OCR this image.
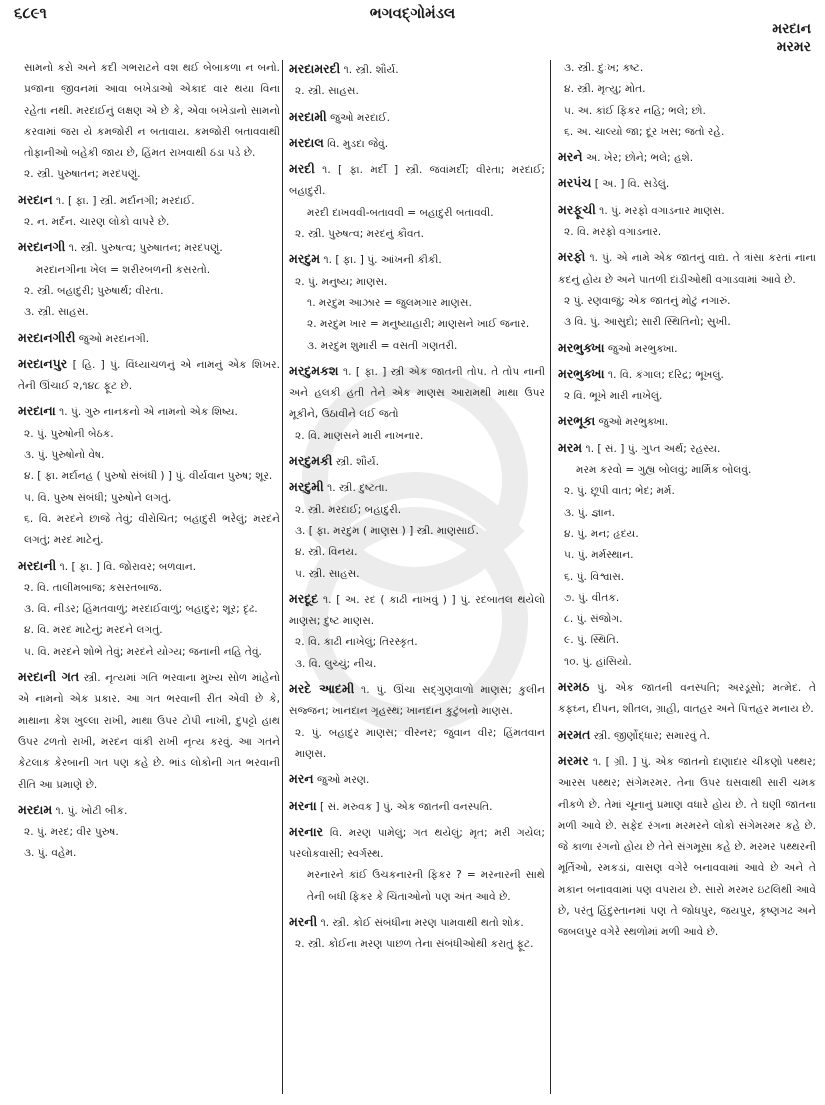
૬૮૯૧	ભગવદ્ગોમંડલ
મરદાન
મરમર
સામનો કરો અને કદી ગભરાટને વશ થઈ બેબાકળા ન બનો. પ્રજાના જીવનમાં આવા બખેડાઓ એકાદ વાર થયા વિના રહેતા નથી. મરદાઈનું લક્ષણ એ છે કે, એવા બખેડાનો સામનો કરવામાં જરા યે કમજોરી ન બતાવાય. કમજોરી બતાવવાથી તોફાનીઓ બહેકી જાય છે, હિંમત રાખવાથી ઠંડા પડે છે.
૨. સ્ત્રી. પુરુષાતન; મરદપણું.
મરદાન ૧. [ ફા. ] સ્ત્રી. મર્દાનગી; મરદાઈ.
૨. ન. મર્દન. ચારણ લોકો વાપરે છે.
મરદાનગી ૧. સ્ત્રી. પુરુષત્વ; પુરુષાતન; મરદપણું.
મરદાનગીના ખેલ = શરીરબળની કસરતો.
૨. સ્ત્રી. બહાદુરી; પુરુષાર્થ; વીરતા.
૩. સ્ત્રી. સાહસ.
મરદાનગીરી જુઓ મરદાનગી.
મરદાનપુર [ હિ. ] પું. વિંધ્યાચળનું એ નામનું એક શિખર. તેની ઊંચાઈ ૨,૧૪૮ ફૂટ છે.
મરદાના ૧. પું. ગુરુ નાનકનો એ નામનો એક શિષ્ય.
૨. પું. પુરુષોની બેઠક.
૩. પું. પુરુષોનો વેષ.
૪. [ ફા. મર્દાનહ ( પુરુષો સંબંધી ) ] પું. વીર્યવાન પુરુષ; શૂર.
૫. વિ. પુરુષ સંબંધી; પુરુષોને લગતું.
૬. વિ. મરદને છાજે તેવું; વીરોચિત; બહાદુરી ભરેલું; મરદને લગતું; મરદ માટેનું.
મરદાની ૧. [ ફા. ] વિ. જોરાવર; બળવાન.
૨. વિ. તાલીમબાજ; કસરતબાજ.
૩. વિ. નીડર; હિંમતવાળું; મરદાઈવાળું; બહાદુર; શૂર; દૃઢ.
૪. વિ. મરદ માટેનું; મરદને લગતું.
૫. વિ. મરદને શોભે તેવું; મરદને યોગ્ય; જનાની નહિ તેવું.
મરદાની ગત સ્ત્રી. નૃત્યમાં ગતિ ભરવાના મુખ્ય સોળ માંહેનો એ નામનો એક પ્રકાર. આ ગત ભરવાની રીત એવી છે કે, માથાના કેશ ખુલ્લા રાખી, માથા ઉપર ટોપી નાખી, દુપટ્ટો હાથ ઉપર ઢળતો રાખી, મરદન વાંકી રાખી નૃત્ય કરવું. આ ગતને કેટલાક કેરબાની ગત પણ કહે છે. ભાંડ લોકોની ગત ભરવાની રીતિ આ પ્રમાણે છે.
મરદામ ૧. પું. ખોટી બીક.
૨. પું. મરદ; વીર પુરુષ.
૩. પું. વહેમ.
મરદામરદી ૧. સ્ત્રી. શૌર્ય.
૨. સ્ત્રી. સાહસ.
મરદામી જુઓ મરદાઈ.
મરદાલ વિ. મુડદા જેવું.
મરદી ૧. [ ફા. મર્દી ] સ્ત્રી. જવાંમર્દી; વીરતા; મરદાઈ; બહાદુરી.
મરદી દાખવવી-બતાવવી = બહાદુરી બતાવવી.
૨. સ્ત્રી. પુરુષત્વ; મરદનું કૌવત.
મરદુમ ૧. [ ફા. ] પું. આંખની કીકી.
૨. પું. મનુષ્ય; માણસ.
૧. મરદુમ આઝાર = જુલમગાર માણસ.
૨. મરદુમ ખાર = મનુષ્યાહારી; માણસને ખાઈ જનાર.
૩. મરદુમ શુમારી = વસતી ગણતરી.
મરદુમકશ ૧. [ ફા. ] સ્ત્રી એક જાતની તોપ. તે તોપ નાની અને હલકી હતી તેને એક માણસ આરામથી માથા ઉપર મૂકીને, ઉઠાવીને લઈ જતો
૨. વિ. માણસને મારી નાખનાર.
મરદુમકી સ્ત્રી. શૌર્ય.
મરદુમી ૧. સ્ત્રી. દુષ્ટતા.
૨. સ્ત્રી. મરદાઈ; બહાદુરી.
૩. [ ફા. મરદુમ ( માણસ ) ] સ્ત્રી. માણસાઈ.
૪. સ્ત્રી. વિનય.
૫. સ્ત્રી. સાહસ.
મરદૂદ ૧. [ અ. રદ ( કાઢી નાખવું ) ] પું. રદબાતલ થયેલો માણસ; દુષ્ટ માણસ.
૨. વિ. કાઢી નાખેલું; તિરસ્કૃત.
૩. વિ. લુચ્ચું; નીચ.
મરદે આદમી ૧. પું. ઊંચા સદ્ગુણવાળો માણસ; કુલીન સજ્જન; ખાનદાન ગૃહસ્થ; ખાનદાન કુટુંબનો માણસ.
૨. પું. બહાદુર માણસ; વીરનર; જુવાન વીર; હિંમતવાન માણસ.
મરન જુઓ મરણ.
મરના [ સં. મરુવક ] પું. એક જાતની વનસ્પતિ.
મરનાર વિ. મરણ પામેલું; ગત થયેલું; મૃત; મરી ગયેલ; પરલોકવાસી; સ્વર્ગસ્થ.
મરનારને કાંઈ ઉચકનારની ફિકર ? = મરનારની સાથે તેની બધી ફિકર કે ચિંતાઓનો પણ અંત આવે છે.
મરની ૧. સ્ત્રી. કોઈ સંબંધીના મરણ પામવાથી થતો શોક.
૨. સ્ત્રી. કોઈના મરણ પાછળ તેના સંબંધીઓથી કરાતું ફૂટ.
૩. સ્ત્રી. દુઃખ; કષ્ટ.
૪. સ્ત્રી. મૃત્યુ; મોત.
૫. અ. કાંઈ ફિકર નહિ; ભલે; છો.
૬. અ. ચાલ્યો જા; દૂર ખસ; જતો રહે.
મરને અ. ખેર; છોને; ભલે; હશે.
મરપંચ [ અ. ] વિ. સડેલું.
મરફૂચી ૧. પું. મરફો વગાડનાર માણસ.
૨. વિ. મરફો વગાડનાર.
મરફો ૧. પું. એ નામે એક જાતનું વાદ્ય. તે ત્રાંસા કરતાં નાના કદનું હોય છે અને પાતળી દાંડીઓથી વગાડવામાં આવે છે.
૨ પું. રણવાજું; એક જાતનું મોટું નગારું.
૩ વિ. પું. આસુદો; સારી સ્થિતિનો; સુખી.
મરભુક્ખા જુઓ મરભુક્ખા.
મરભુક્ખા ૧. વિ. કંગાલ; દરિદ્ર; ભૂખલું.
૨ વિ. ભૂખે મારી નાખેલું.
મરભૂકા જુઓ મરભુક્ખા.
મરમ ૧. [ સં. ] પું. ગુપ્ત અર્થ; રહસ્ય.
મરમ કરવો = ગુહ્ય બોલવું; માર્મિક બોલવું.
૨. પું. છૂપી વાત; ભેદ; મર્મ.
૩. પું. જ્ઞાન.
૪. પું. મન; હૃદય.
૫. પું. મર્મસ્થાન.
૬. પું. વિશ્વાસ.
૭. પું. વીતક.
૮. પું. સંજોગ.
૯. પું. સ્થિતિ.
૧૦. પું. હાંસિયો.
મરમઠ પું. એક જાતની વનસ્પતિ; અરડૂસો; મત્મેદ. તે કફઘ્ન, દીપન, શીતલ, ગ્રાહી, વાતહર અને પિત્તહર મનાય છે.
મરમત સ્ત્રી. જીર્ણોદ્ધાર; સમારવું તે.
મરમર ૧. [ ગ્રી. ] પું. એક જાતનો દાણાદાર ચીકણો પથ્થર; આરસ પથ્થર; સંગેમરમર. તેના ઉપર ઘસવાથી સારી ચમક નીકળે છે. તેમાં ચૂનાનું પ્રમાણ વધારે હોય છે. તે ઘણી જાતના મળી આવે છે. સફેદ રંગના મરમરને લોકો સંગેમરમર કહે છે. જે કાળા રંગનો હોય છે તેને સંગમૂસા કહે છે. મરમર પથ્થરની મૂર્તિઓ, રમકડાં, વાસણ વગેરે બનાવવામાં આવે છે અને તે મકાન બનાવવામાં પણ વપરાય છે. સારો મરમર ઇટલિથી આવે છે, પરંતુ હિંદુસ્તાનમાં પણ તે જોધપુર, જયપુર, કૃષ્ણગઢ અને જબલપુર વગેરે સ્થળોમાં મળી આવે છે.
